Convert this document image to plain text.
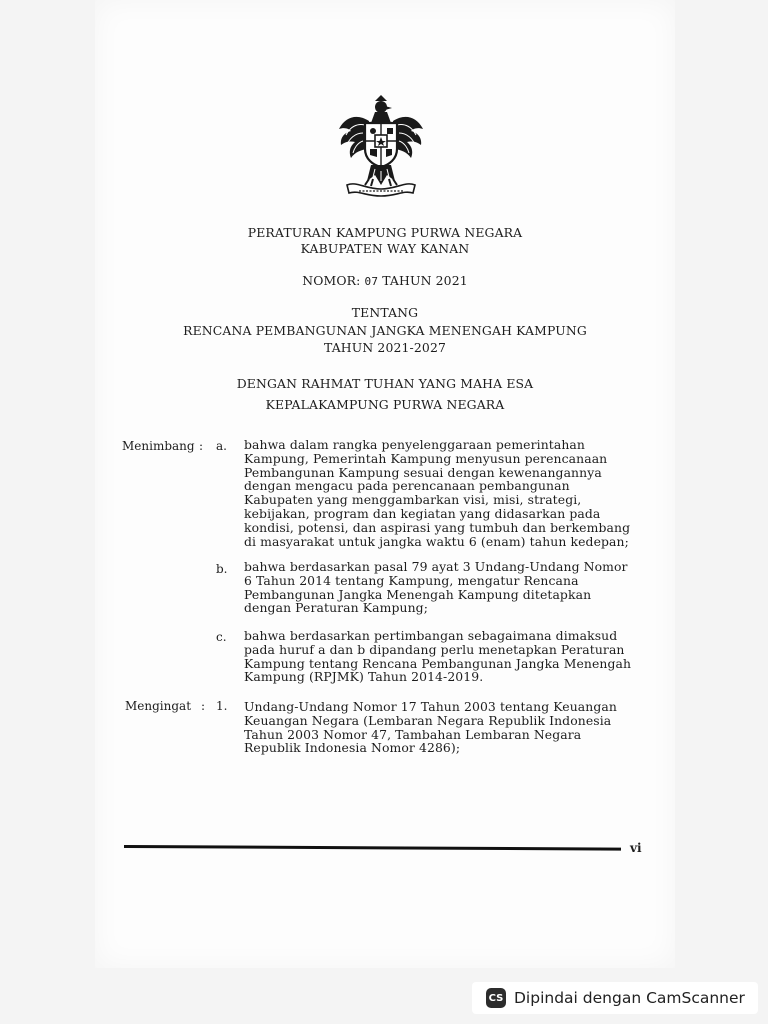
PERATURAN KAMPUNG PURWA NEGARA
KABUPATEN WAY KANAN
NOMOR: 07 TAHUN 2021
TENTANG
RENCANA PEMBANGUNAN JANGKA MENENGAH KAMPUNG
TAHUN 2021-2027
DENGAN RAHMAT TUHAN YANG MAHA ESA
KEPALAKAMPUNG PURWA NEGARA
Menimbang : a. bahwa dalam rangka penyelenggaraan pemerintahan Kampung, Pemerintah Kampung menyusun perencanaan Pembangunan Kampung sesuai dengan kewenangannya dengan mengacu pada perencanaan pembangunan Kabupaten yang menggambarkan visi, misi, strategi, kebijakan, program dan kegiatan yang didasarkan pada kondisi, potensi, dan aspirasi yang tumbuh dan berkembang di masyarakat untuk jangka waktu 6 (enam) tahun kedepan;
b. bahwa berdasarkan pasal 79 ayat 3 Undang-Undang Nomor 6 Tahun 2014 tentang Kampung, mengatur Rencana Pembangunan Jangka Menengah Kampung ditetapkan dengan Peraturan Kampung;
c. bahwa berdasarkan pertimbangan sebagaimana dimaksud pada huruf a dan b dipandang perlu menetapkan Peraturan Kampung tentang Rencana Pembangunan Jangka Menengah Kampung (RPJMK) Tahun 2014-2019.
Mengingat : 1. Undang-Undang Nomor 17 Tahun 2003 tentang Keuangan Keuangan Negara (Lembaran Negara Republik Indonesia Tahun 2003 Nomor 47, Tambahan Lembaran Negara Republik Indonesia Nomor 4286);
vi
CS Dipindai dengan CamScanner
